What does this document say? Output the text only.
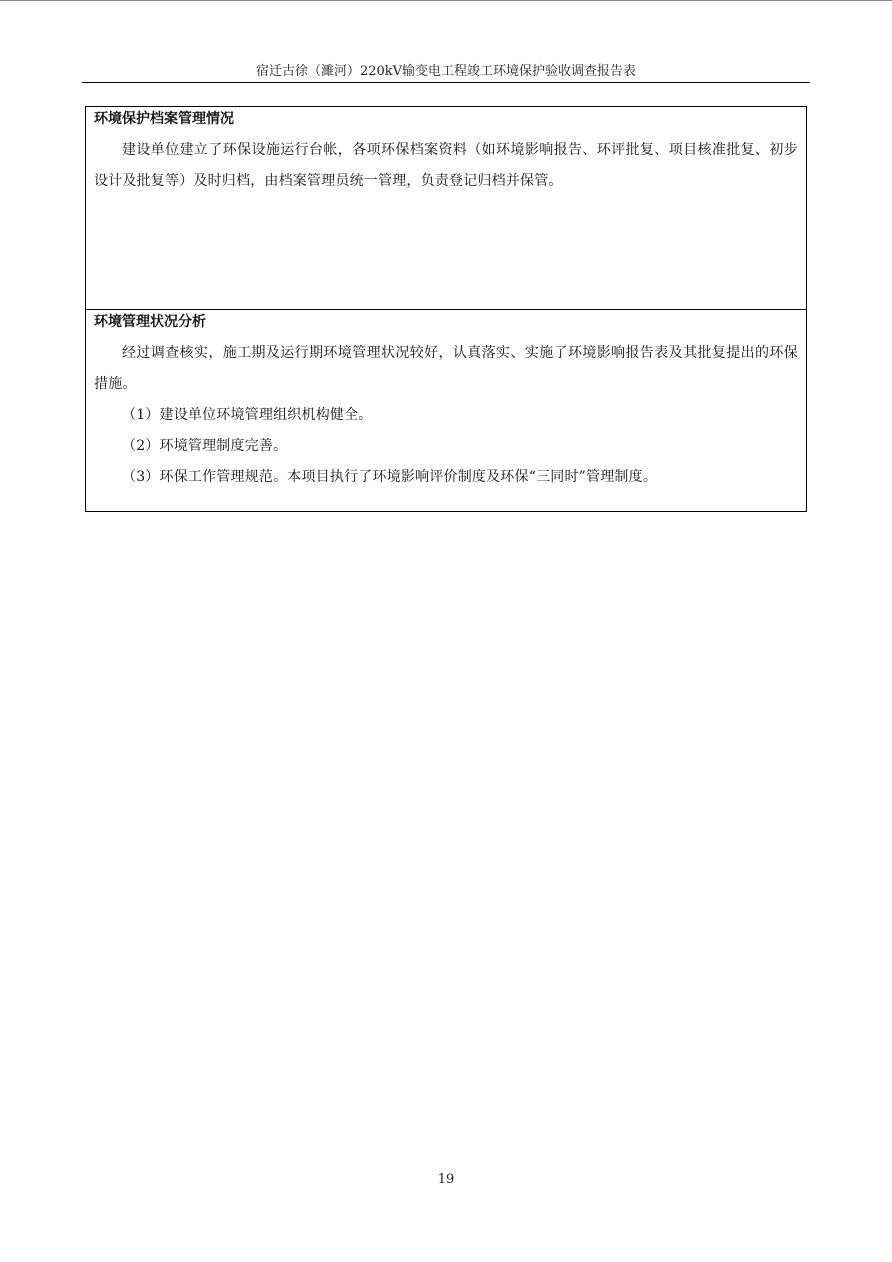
宿迁古徐（濉河）220kV输变电工程竣工环境保护验收调查报告表

环境保护档案管理情况

建设单位建立了环保设施运行台帐，各项环保档案资料（如环境影响报告、环评批复、项目核准批复、初步设计及批复等）及时归档，由档案管理员统一管理，负责登记归档并保管。

环境管理状况分析

经过调查核实，施工期及运行期环境管理状况较好，认真落实、实施了环境影响报告表及其批复提出的环保措施。

（1）建设单位环境管理组织机构健全。

（2）环境管理制度完善。

（3）环保工作管理规范。本项目执行了环境影响评价制度及环保“三同时”管理制度。

19
